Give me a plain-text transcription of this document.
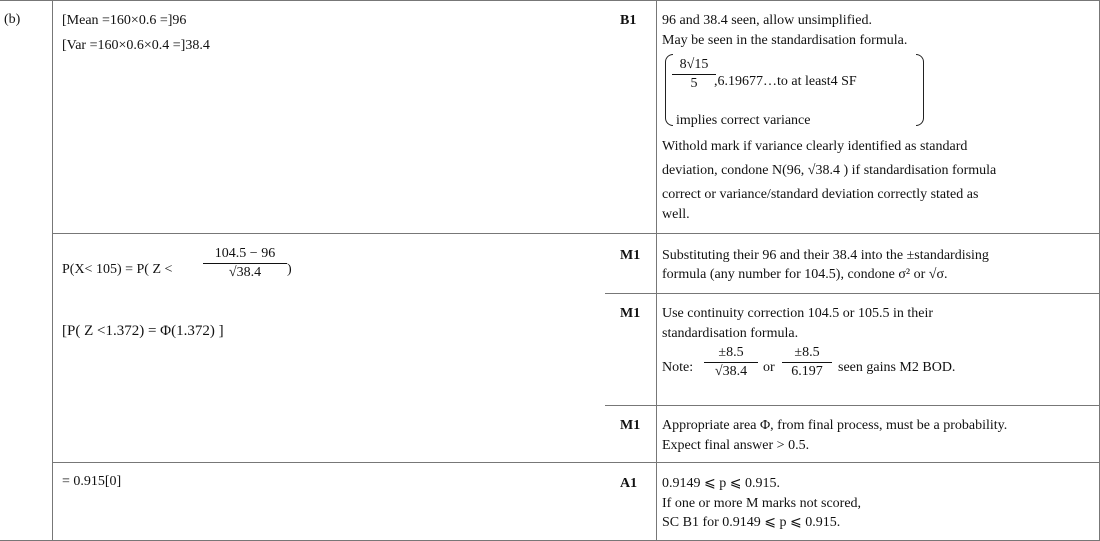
(b)	[Mean =160×0.6 =]96
[Var =160×0.6×0.4 =]38.4
B1 96 and 38.4 seen, allow unsimplified.
May be seen in the standardisation formula.
$\frac{8√15}{5}$
,6.19677…to at least4 SF
implies correct variance
Withold mark if variance clearly identified as standard
deviation, condone N(96, √38.4 ) if standardisation formula
correct or variance/standard deviation correctly stated as
well.
P(X< 105) = P( $Z < \frac{104.5 - 96}{√38.4}$ )
M1 Substituting their 96 and their 38.4 into the ±standardising
formula (any number for 104.5), condone σ² or √σ.
[P( Z <1.372) = Φ(1.372) ]
M1 Use continuity correction 104.5 or 105.5 in their
standardisation formula.
Note: $\frac{\pm 8.5}{√38.4}$ or $\frac{\pm 8.5}{6.197}$ seen gains M2 BOD.
M1 Appropriate area Φ, from final process, must be a probability.
Expect final answer > 0.5.
= 0.915[0]	A1 0.9149 ⩽ p ⩽ 0.915.
If one or more M marks not scored,
SC B1 for 0.9149 ⩽ p ⩽ 0.915.
